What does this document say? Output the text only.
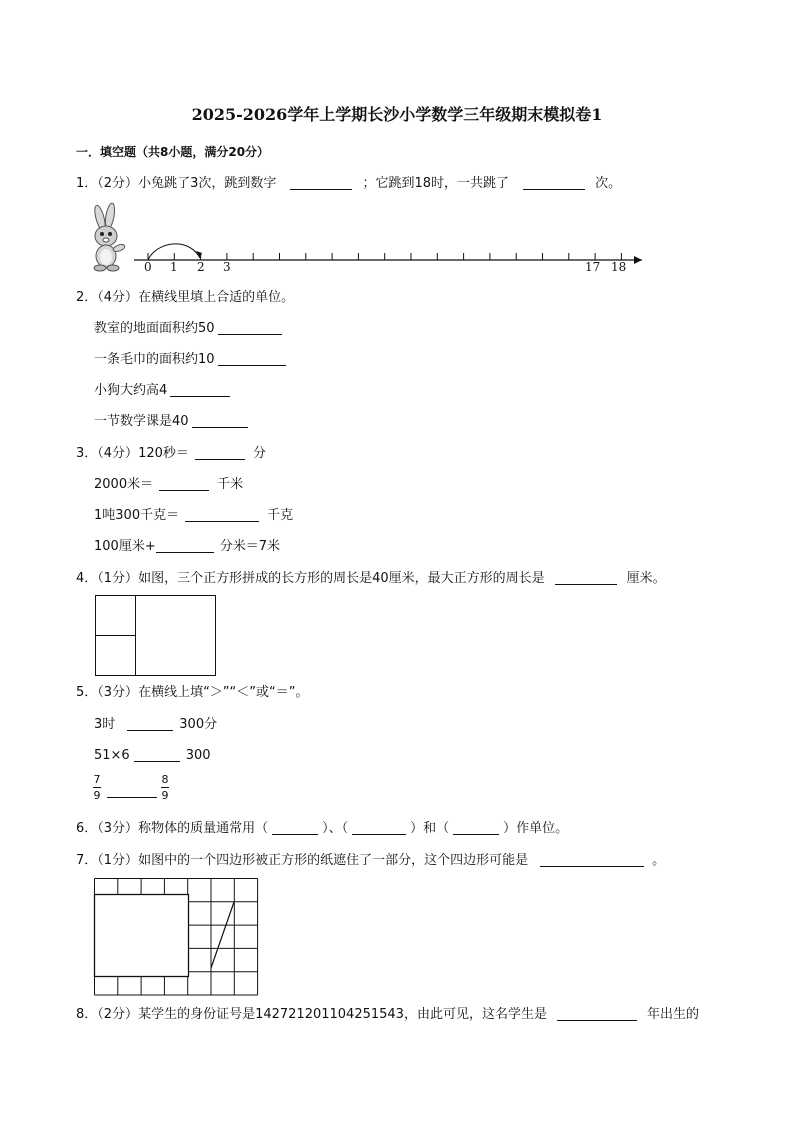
2025-2026学年上学期长沙小学数学三年级期末模拟卷1
一．填空题（共8小题，满分20分）
1．（2分）小兔跳了3次，跳到数字	；它跳到18时，一共跳了	次。
0 1 2 3	17 18
2．（4分）在横线里填上合适的单位。
教室的地面面积约50
一条毛巾的面积约10
小狗大约高4
一节数学课是40
3．（4分）120秒＝	分
2000米＝	千米
1吨300千克＝	千克
100厘米+	分米＝7米
4．（1分）如图，三个正方形拼成的长方形的周长是40厘米，最大正方形的周长是	厘米。
5．（3分）在横线上填“＞”“＜”或“＝”。
3时	300分
51×6	300
7
9
8
9
6．（3分）称物体的质量通常用（	）、（	）和（	）作单位。
7．（1分）如图中的一个四边形被正方形的纸遮住了一部分，这个四边形可能是	。
8．（2分）某学生的身份证号是142721201104251543，由此可见，这名学生是	年出生的
